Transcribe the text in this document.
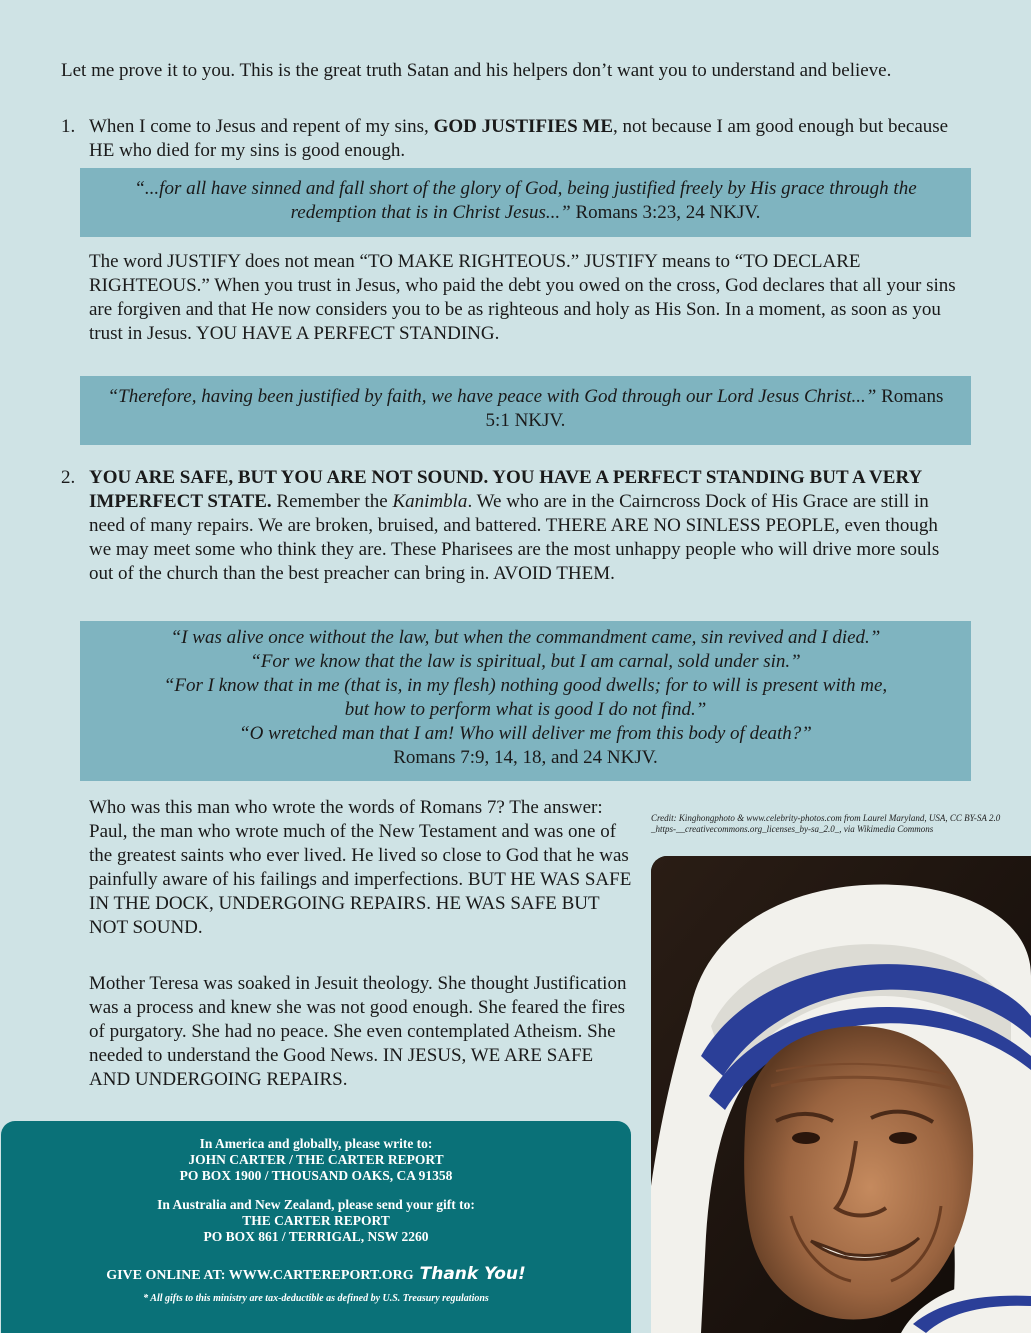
Let me prove it to you. This is the great truth Satan and his helpers don’t want you to understand and believe.

1. When I come to Jesus and repent of my sins, GOD JUSTIFIES ME, not because I am good enough but because HE who died for my sins is good enough.

“...for all have sinned and fall short of the glory of God, being justified freely by His grace through the redemption that is in Christ Jesus...” Romans 3:23, 24 NKJV.

The word JUSTIFY does not mean “TO MAKE RIGHTEOUS.” JUSTIFY means to “TO DECLARE RIGHTEOUS.” When you trust in Jesus, who paid the debt you owed on the cross, God declares that all your sins are forgiven and that He now considers you to be as righteous and holy as His Son. In a moment, as soon as you trust in Jesus. YOU HAVE A PERFECT STANDING.

“Therefore, having been justified by faith, we have peace with God through our Lord Jesus Christ...” Romans 5:1 NKJV.
2. YOU ARE SAFE, BUT YOU ARE NOT SOUND. YOU HAVE A PERFECT STANDING BUT A VERY IMPERFECT STATE. Remember the Kanimbla. We who are in the Cairncross Dock of His Grace are still in need of many repairs. We are broken, bruised, and battered. THERE ARE NO SINLESS PEOPLE, even though we may meet some who think they are. These Pharisees are the most unhappy people who will drive more souls out of the church than the best preacher can bring in. AVOID THEM.

“I was alive once without the law, but when the commandment came, sin revived and I died.”
“For we know that the law is spiritual, but I am carnal, sold under sin.”
“For I know that in me (that is, in my flesh) nothing good dwells; for to will is present with me,
but how to perform what is good I do not find.”
“O wretched man that I am! Who will deliver me from this body of death?”
Romans 7:9, 14, 18, and 24 NKJV.

Who was this man who wrote the words of Romans 7? The answer: Paul, the man who wrote much of the New Testament and was one of the greatest saints who ever lived. He lived so close to God that he was painfully aware of his failings and imperfections. BUT HE WAS SAFE IN THE DOCK, UNDERGOING REPAIRS. HE WAS SAFE BUT NOT SOUND.

Mother Teresa was soaked in Jesuit theology. She thought Justification was a process and knew she was not good enough. She feared the fires of purgatory. She had no peace. She even contemplated Atheism. She needed to understand the Good News. IN JESUS, WE ARE SAFE AND UNDERGOING REPAIRS.

Credit: Kinghongphoto & www.celebrity-photos.com from Laurel Maryland, USA, CC BY-SA 2.0 _https-__creativecommons.org_licenses_by-sa_2.0_, via Wikimedia Commons
In America and globally, please write to:
JOHN CARTER / THE CARTER REPORT
PO BOX 1900 / THOUSAND OAKS, CA 91358
In Australia and New Zealand, please send your gift to:
THE CARTER REPORT
PO BOX 861 / TERRIGAL, NSW 2260
GIVE ONLINE AT: WWW.CARTEREPORT.ORG Thank You!
* All gifts to this ministry are tax-deductible as defined by U.S. Treasury regulations
